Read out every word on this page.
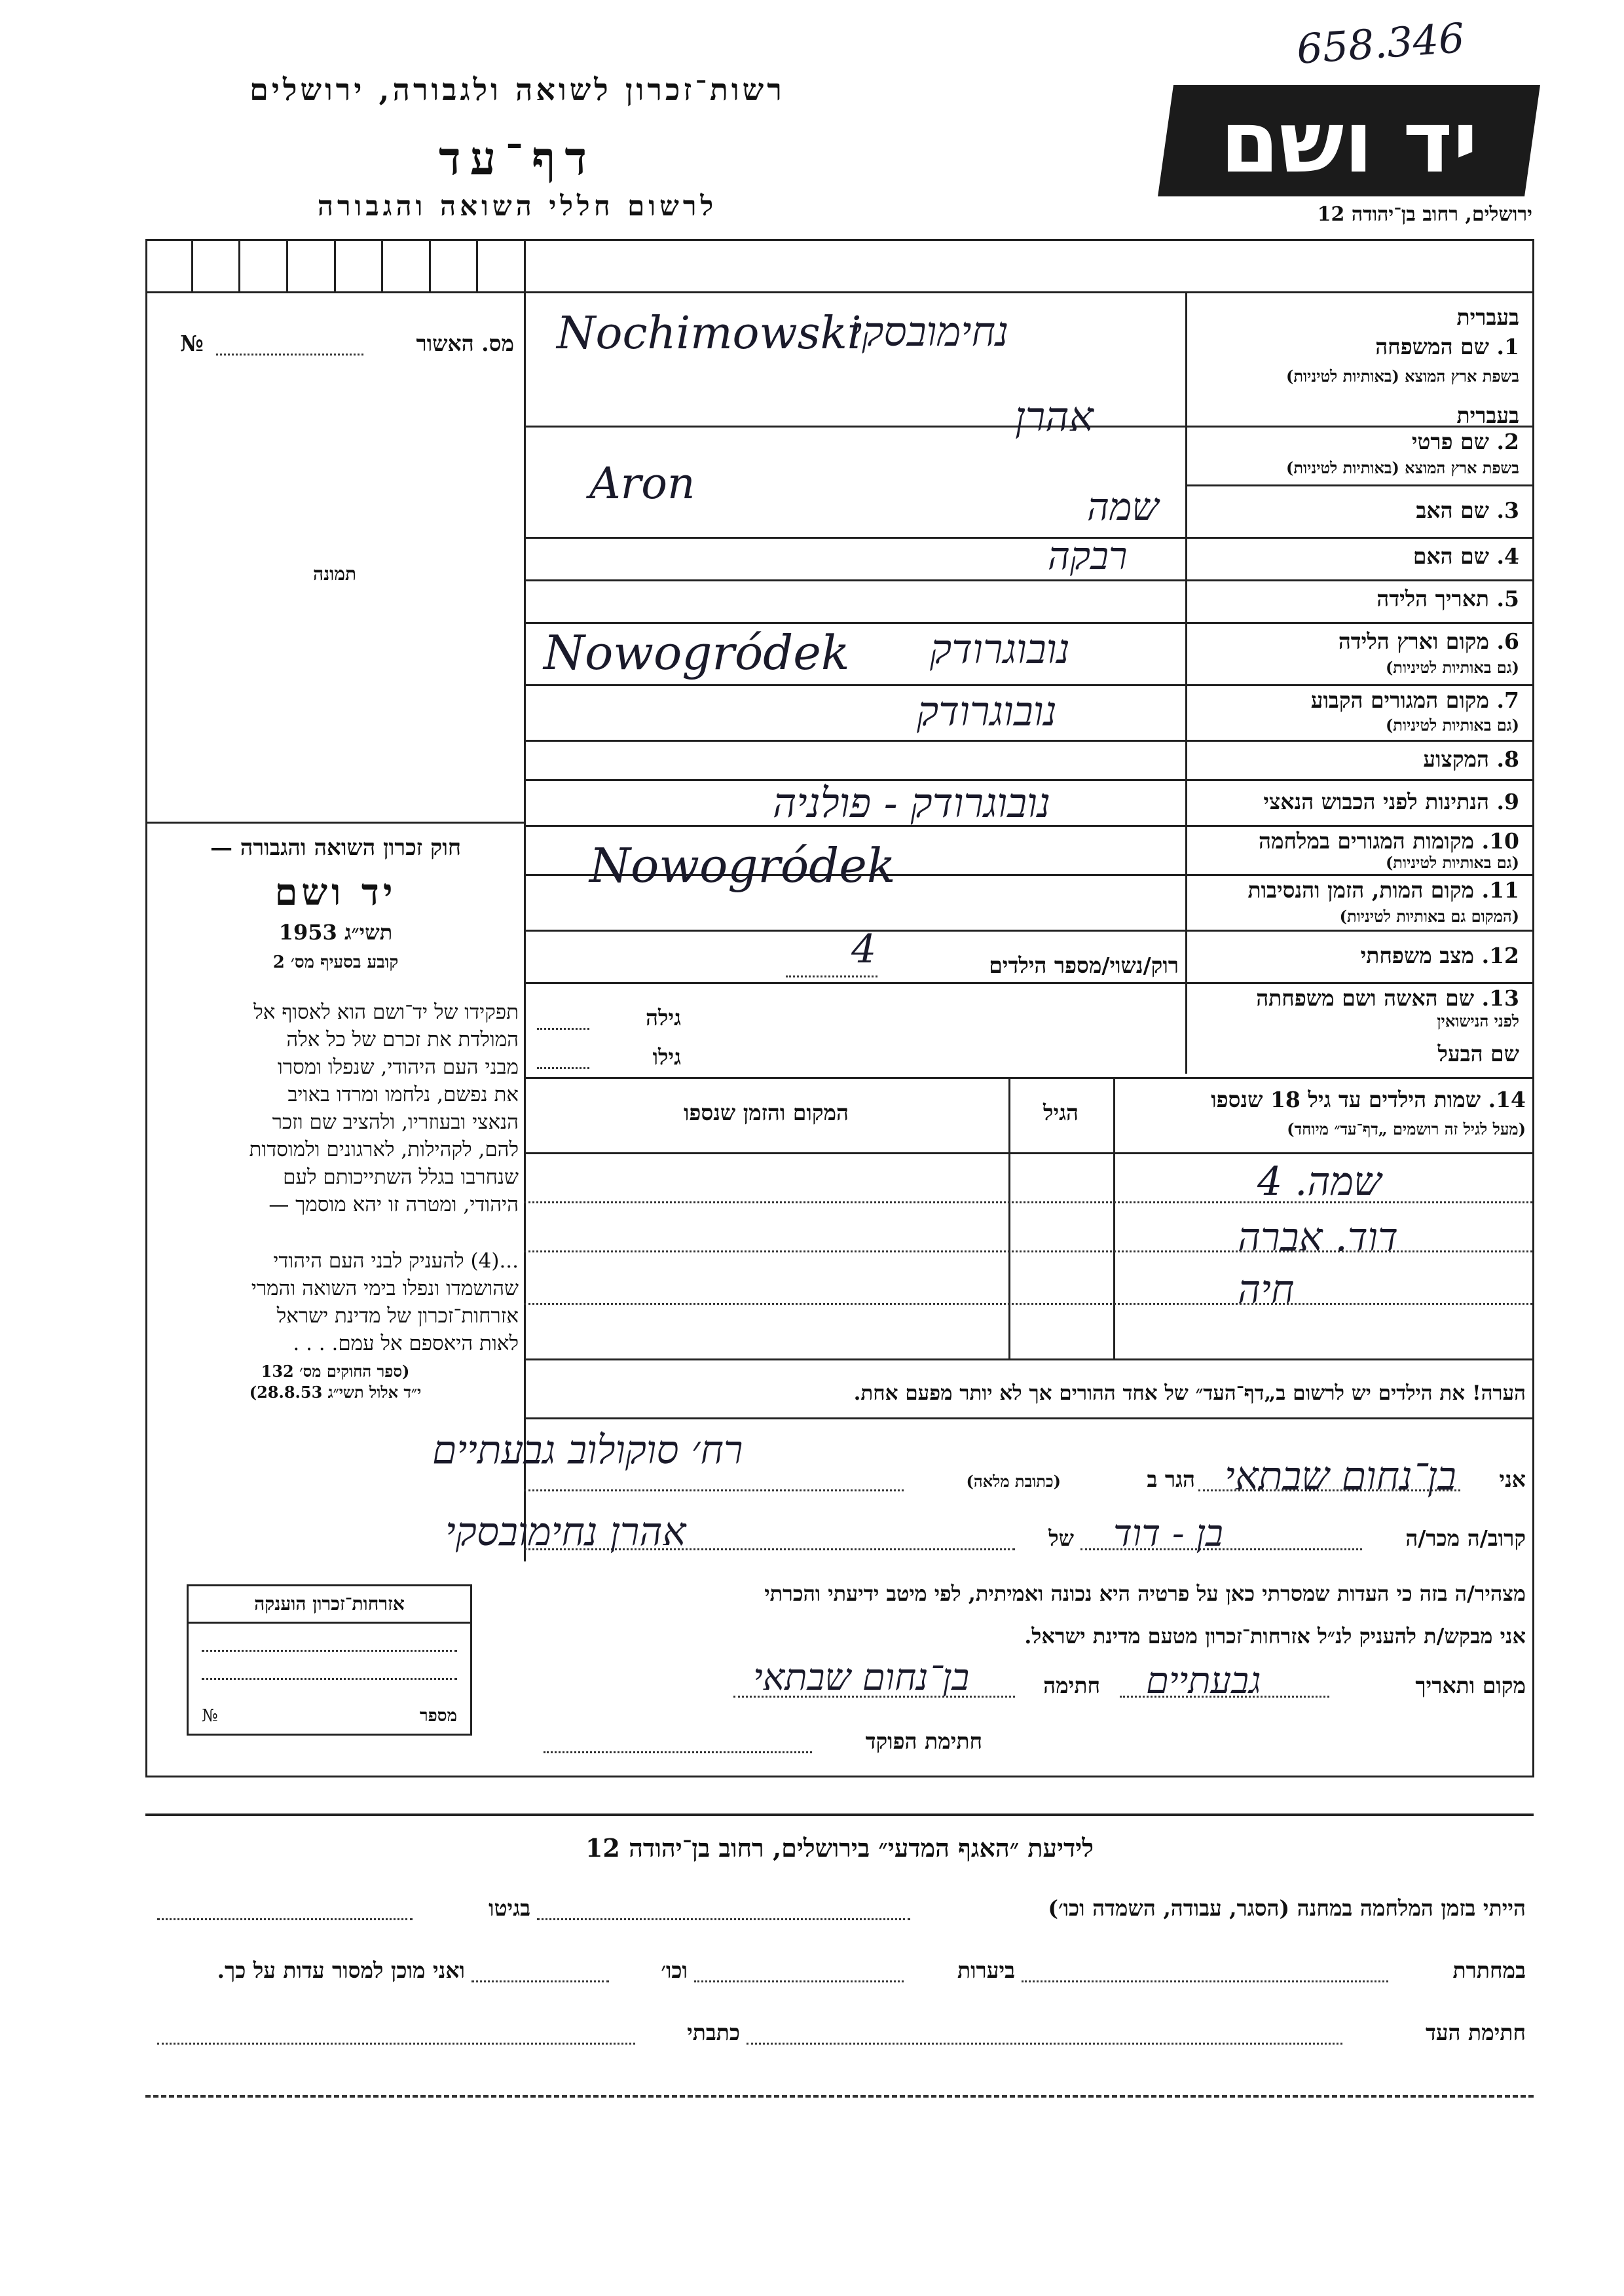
658.346
יד ושם
ירושלים, רחוב בן־יהודה 12
רשות־זכרון לשואה ולגבורה, ירושלים
דף־עד
לרשום חללי השואה והגבורה
מס. האשור
№
תמונה
חוק זכרון השואה והגבורה —
יד ושם
תשי״ג 1953
קובע בסעיף מס׳ 2
תפקידו של יד־ושם הוא לאסוף אל
המולדת את זכרם של כל אלה
מבני העם היהודי, שנפלו ומסרו
את נפשם, נלחמו ומרדו באויב
הנאצי ובעוזריו, ולהציב שם וזכר
להם, לקהילות, לארגונים ולמוסדות
שנחרבו בגלל השתייכותם לעם
היהודי, ומטרה זו יהא מוסמך —
...(4) להעניק לבני העם היהודי
שהושמדו ונפלו בימי השואה והמרי
אזרחות־זכרון של מדינת ישראל
לאות היאספם אל עמם. . . .
(ספר החוקים מס׳ 132
י״ד אלול תשי״ג 28.8.53)
אזרחות־זכרון הוענקה
№	מספר
בעברית
1. שם המשפחה
בשפת ארץ המוצא (באותיות לטיניות)
נחימובסקי
Nochimowski
בעברית
2. שם פרטי
בשפת ארץ המוצא (באותיות לטיניות)
אהרן
Aron
3. שם האב
שמה
4. שם האם
רבקה
5. תאריך הלידה
6. מקום וארץ הלידה
(גם באותיות לטיניות)
נובוגרודק
Nowogródek
7. מקום המגורים הקבוע
(גם באותיות לטיניות)
נובוגרודק
8. המקצוע
9. הנתינות לפני הכבוש הנאצי
נובוגרודק - פולניה
10. מקומות המגורים במלחמה
(גם באותיות לטיניות)
Nowogródek	11. מקום המות, הזמן והנסיבות
(המקום גם באותיות לטיניות)
12. מצב משפחתי
רוק/נשוי/מספר הילדים
4
13. שם האשה ושם משפחתה
לפני הנישואין
גילה
שם הבעל
גילו
14. שמות הילדים עד גיל 18 שנספו
(מעל לגיל זה רושמים „דף־עד״ מיוחד)
הגיל
המקום והזמן שנספו
שמה. 4
דוד. אברה
חיה
הערה! את הילדים יש לרשום ב„דף־העד״ של אחד ההורים אך לא יותר מפעם אחת.
אני
בן־נחום שבתאי
הגר ב
(כתובת מלאה)
רח׳ סוקולוב גבעתיים
קרוב/ה מכר/ה
בן - דוד
של
אהרן נחימובסקי
מצהיר/ה בזה כי העדות שמסרתי כאן על פרטיה היא נכונה ואמיתית, לפי מיטב ידיעתי והכרתי
אני מבקש/ת להעניק לנ״ל אזרחות־זכרון מטעם מדינת ישראל.
מקום ותאריך
גבעתיים
חתימה
בן־נחום שבתאי
חתימת הפוקד
לידיעת ״האגף המדעי״ בירושלים, רחוב בן־יהודה 12
הייתי בזמן המלחמה במחנה (הסגר, עבודה, השמדה וכו׳)
בגיטו
במחתרת
ביערות
וכו׳
ואני מוכן למסור עדות על כך.
חתימת העד
כתבתי
